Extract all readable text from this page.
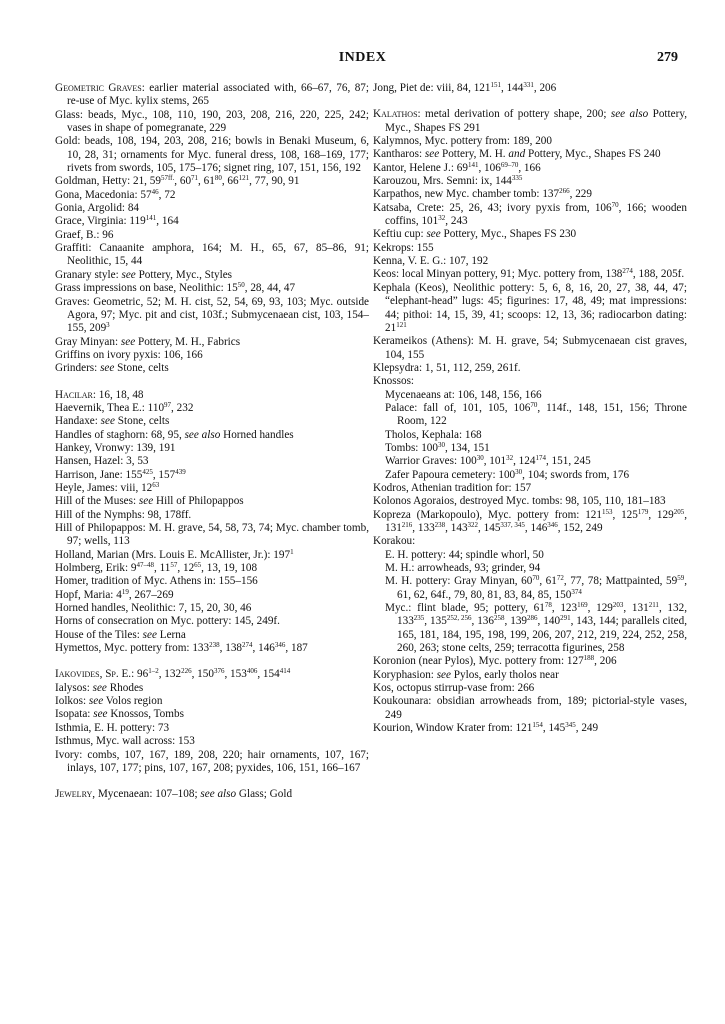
INDEX	279
Geometric Graves: earlier material associated with, 66–67, 76, 87; re-use of Myc. kylix stems, 265
Glass: beads, Myc., 108, 110, 190, 203, 208, 216, 220, 225, 242; vases in shape of pomegranate, 229
Gold: beads, 108, 194, 203, 208, 216; bowls in Benaki Museum, 6, 10, 28, 31; ornaments for Myc. funeral dress, 108, 168–169, 177; rivets from swords, 105, 175–176; signet ring, 107, 151, 156, 192
Goldman, Hetty: 21, $59^{57ff.}$, $60^{71}$, $61^{80}$, $66^{121}$, 77, 90, 91
Gona, Macedonia: $57^{46}$, 72
Gonia, Argolid: 84
Grace, Virginia: $119^{141}$, 164
Graef, B.: 96
Graffiti: Canaanite amphora, 164; M. H., 65, 67, 85–86, 91; Neolithic, 15, 44
Granary style: see Pottery, Myc., Styles
Grass impressions on base, Neolithic: $15^{50}$, 28, 44, 47
Graves: Geometric, 52; M. H. cist, 52, 54, 69, 93, 103; Myc. outside Agora, 97; Myc. pit and cist, 103f.; Submycenaean cist, 103, 154–155, $209^3$
Gray Minyan: see Pottery, M. H., Fabrics
Griffins on ivory pyxis: 106, 166
Grinders: see Stone, celts
Hacilar: 16, 18, 48
Haevernik, Thea E.: $110^{97}$, 232
Handaxe: see Stone, celts
Handles of staghorn: 68, 95, see also Horned handles
Hankey, Vronwy: 139, 191
Hansen, Hazel: 3, 53
Harrison, Jane: $155^{425}$, $157^{439}$
Heyle, James: viii, $12^{63}$
Hill of the Muses: see Hill of Philopappos
Hill of the Nymphs: 98, 178ff.
Hill of Philopappos: M. H. grave, 54, 58, 73, 74; Myc. chamber tomb, 97; wells, 113
Holland, Marian (Mrs. Louis E. McAllister, Jr.): $197^1$
Holmberg, Erik: 9$^{47-48}$, $11^{57}$, $12^{65}$, 13, 19, 108
Homer, tradition of Myc. Athens in: 155–156
Hopf, Maria: $4^{19}$, 267–269
Horned handles, Neolithic: 7, 15, 20, 30, 46
Horns of consecration on Myc. pottery: 145, 249f.
House of the Tiles: see Lerna
Hymettos, Myc. pottery from: $133^{238}$, $138^{274}$, $146^{346}$, 187
Iakovides, Sp. E.: 96$^{1-2}$, $132^{226}$, $150^{376}$, $153^{406}$, $154^{414}$
Ialysos: see Rhodes
Iolkos: see Volos region
Isopata: see Knossos, Tombs
Isthmia, E. H. pottery: 73
Isthmus, Myc. wall across: 153
Ivory: combs, 107, 167, 189, 208, 220; hair ornaments, 107, 167; inlays, 107, 177; pins, 107, 167, 208; pyxides, 106, 151, 166–167
Jewelry, Mycenaean: 107–108; see also Glass; Gold
Jong, Piet de: viii, 84, $121^{151}$, $144^{331}$, 206
Kalathos: metal derivation of pottery shape, 200; see also Pottery, Myc., Shapes FS 291
Kalymnos, Myc. pottery from: 189, 200
Kantharos: see Pottery, M. H. and Pottery, Myc., Shapes FS 240
Kantor, Helene J.: $69^{141}$, 106$^{69-70}$, 166
Karouzou, Mrs. Semni: ix, $144^{335}$
Karpathos, new Myc. chamber tomb: $137^{266}$, 229
Katsaba, Crete: 25, 26, 43; ivory pyxis from, $106^{70}$, 166; wooden coffins, $101^{32}$, 243
Keftiu cup: see Pottery, Myc., Shapes FS 230
Kekrops: 155
Kenna, V. E. G.: 107, 192
Keos: local Minyan pottery, 91; Myc. pottery from, $138^{274}$, 188, 205f.
Kephala (Keos), Neolithic pottery: 5, 6, 8, 16, 20, 27, 38, 44, 47; “elephant-head” lugs: 45; figurines: 17, 48, 49; mat impressions: 44; pithoi: 14, 15, 39, 41; scoops: 12, 13, 36; radiocarbon dating: $21^{121}$
Kerameikos (Athens): M. H. grave, 54; Submycenaean cist graves, 104, 155
Klepsydra: 1, 51, 112, 259, 261f.
Knossos:
Mycenaeans at: 106, 148, 156, 166
Palace: fall of, 101, 105, $106^{70}$, 114f., 148, 151, 156; Throne Room, 122
Tholos, Kephala: 168
Tombs: $100^{30}$, 134, 151
Warrior Graves: $100^{30}$, $101^{32}$, $124^{174}$, 151, 245
Zafer Papoura cemetery: $100^{30}$, 104; swords from, 176
Kodros, Athenian tradition for: 157
Kolonos Agoraios, destroyed Myc. tombs: 98, 105, 110, 181–183
Kopreza (Markopoulo), Myc. pottery from: $121^{153}$, $125^{179}$, $129^{205}$, $131^{216}$, $133^{238}$, $143^{322}$, 145$^{337, 345}$, $146^{346}$, 152, 249
Korakou:
E. H. pottery: 44; spindle whorl, 50
M. H.: arrowheads, 93; grinder, 94
M. H. pottery: Gray Minyan, $60^{70}$, $61^{72}$, 77, 78; Mattpainted, $59^{59}$, 61, 62, 64f., 79, 80, 81, 83, 84, 85, $150^{374}$
Myc.: flint blade, 95; pottery, $61^{78}$, $123^{169}$, $129^{203}$, $131^{211}$, 132, $133^{235}$, 135$^{252, 256}$, $136^{258}$, $139^{286}$, $140^{291}$, 143, 144; parallels cited, 165, 181, 184, 195, 198, 199, 206, 207, 212, 219, 224, 252, 258, 260, 263; stone celts, 259; terracotta figurines, 258
Koronion (near Pylos), Myc. pottery from: $127^{188}$, 206
Koryphasion: see Pylos, early tholos near
Kos, octopus stirrup-vase from: 266
Koukounara: obsidian arrowheads from, 189; pictorial-style vases, 249
Kourion, Window Krater from: $121^{154}$, $145^{345}$, 249
